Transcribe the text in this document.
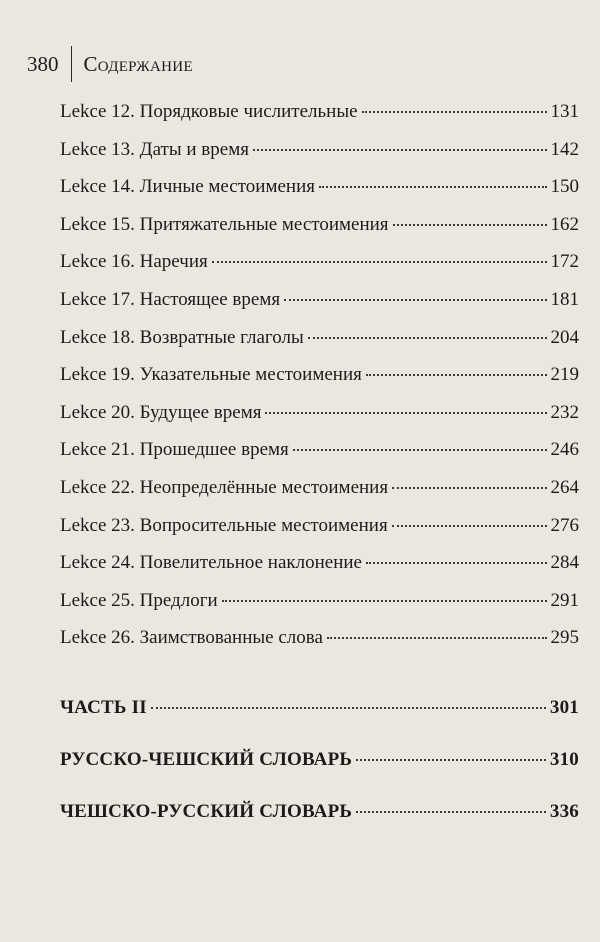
380	Содержание
Lekce 12. Порядковые числительные	131
Lekce 13. Даты и время	142
Lekce 14. Личные местоимения	150
Lekce 15. Притяжательные местоимения	162
Lekce 16. Наречия	172
Lekce 17. Настоящее время	181
Lekce 18. Возвратные глаголы	204
Lekce 19. Указательные местоимения	219
Lekce 20. Будущее время	232
Lekce 21. Прошедшее время	246
Lekce 22. Неопределённые местоимения	264
Lekce 23. Вопросительные местоимения	276
Lekce 24. Повелительное наклонение	284
Lekce 25. Предлоги	291
Lekce 26. Заимствованные слова	295
ЧАСТЬ II	301
РУССКО-ЧЕШСКИЙ СЛОВАРЬ	310
ЧЕШСКО-РУССКИЙ СЛОВАРЬ	336
